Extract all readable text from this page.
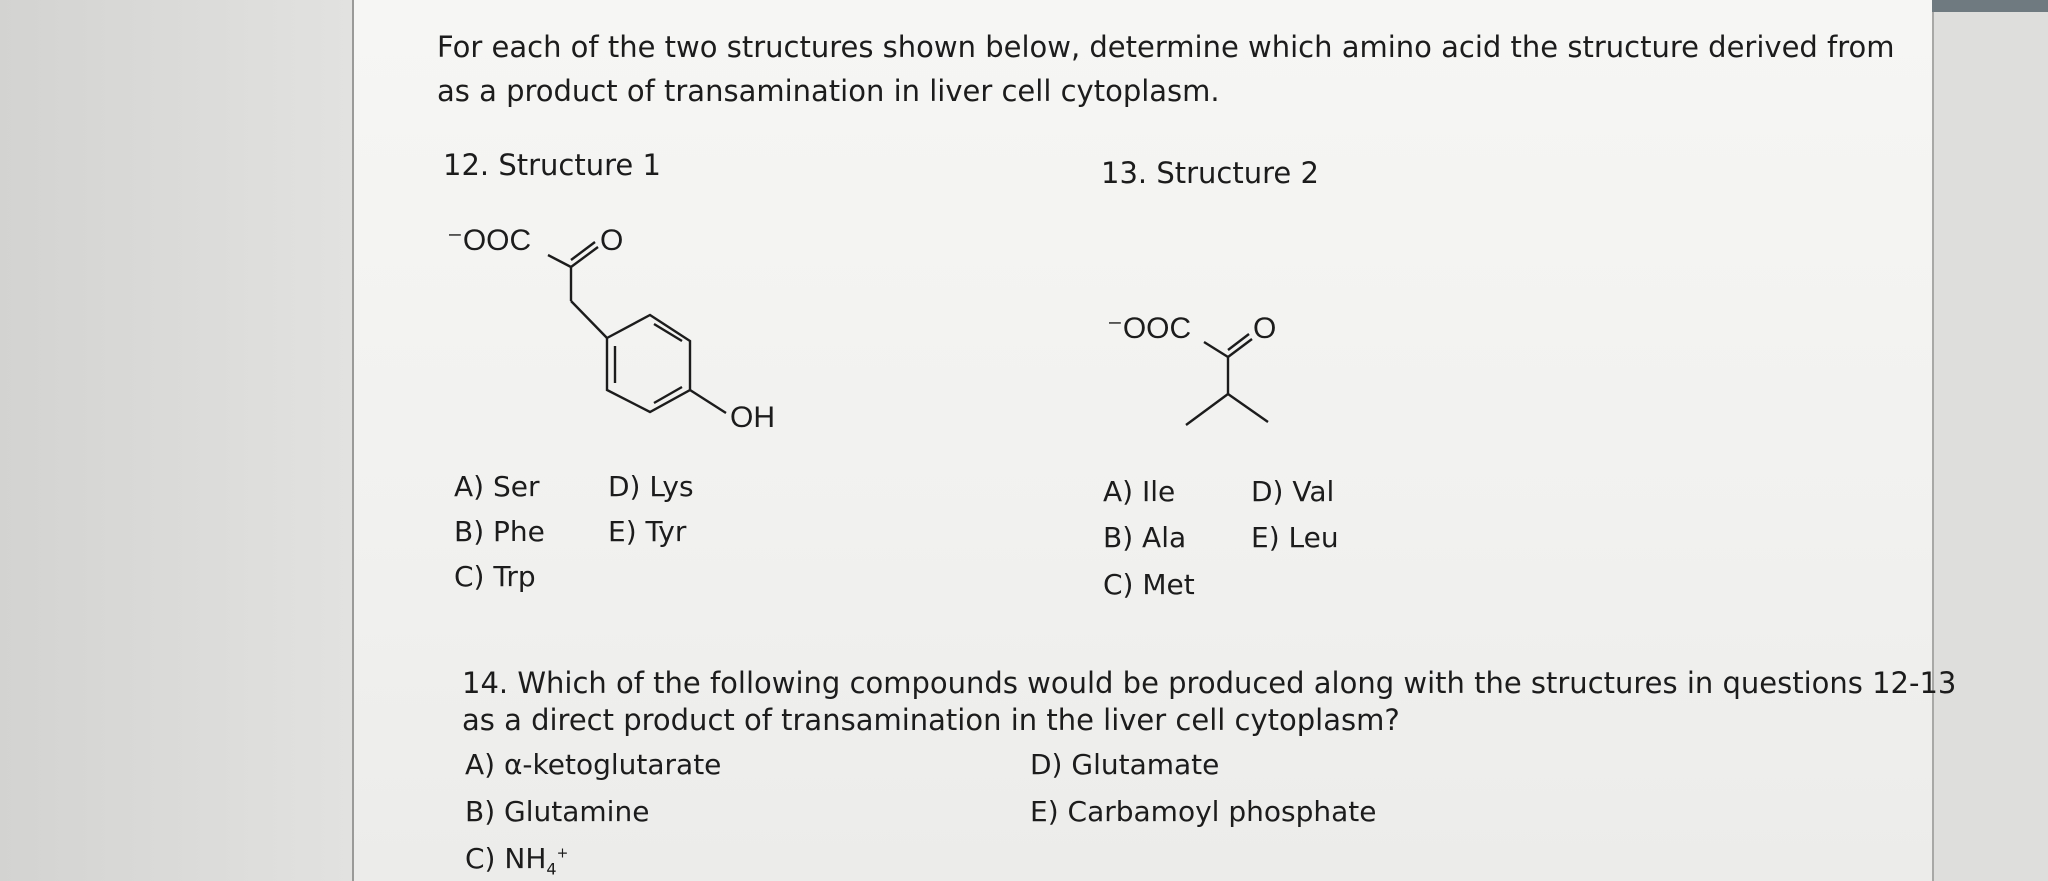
For each of the two structures shown below, determine which amino acid the structure derived from
as a product of transamination in liver cell cytoplasm.
12. Structure 1
⁻OOC O
OH
A) Ser
B) Phe
C) Trp
D) Lys
E) Tyr
13. Structure 2
⁻OOC O
A) Ile
B) Ala
C) Met
D) Val
E) Leu
14. Which of the following compounds would be produced along with the structures in questions 12-13
as a direct product of transamination in the liver cell cytoplasm?
A) α-ketoglutarate
B) Glutamine
C) $NH_4^+$
D) Glutamate
E) Carbamoyl phosphate
